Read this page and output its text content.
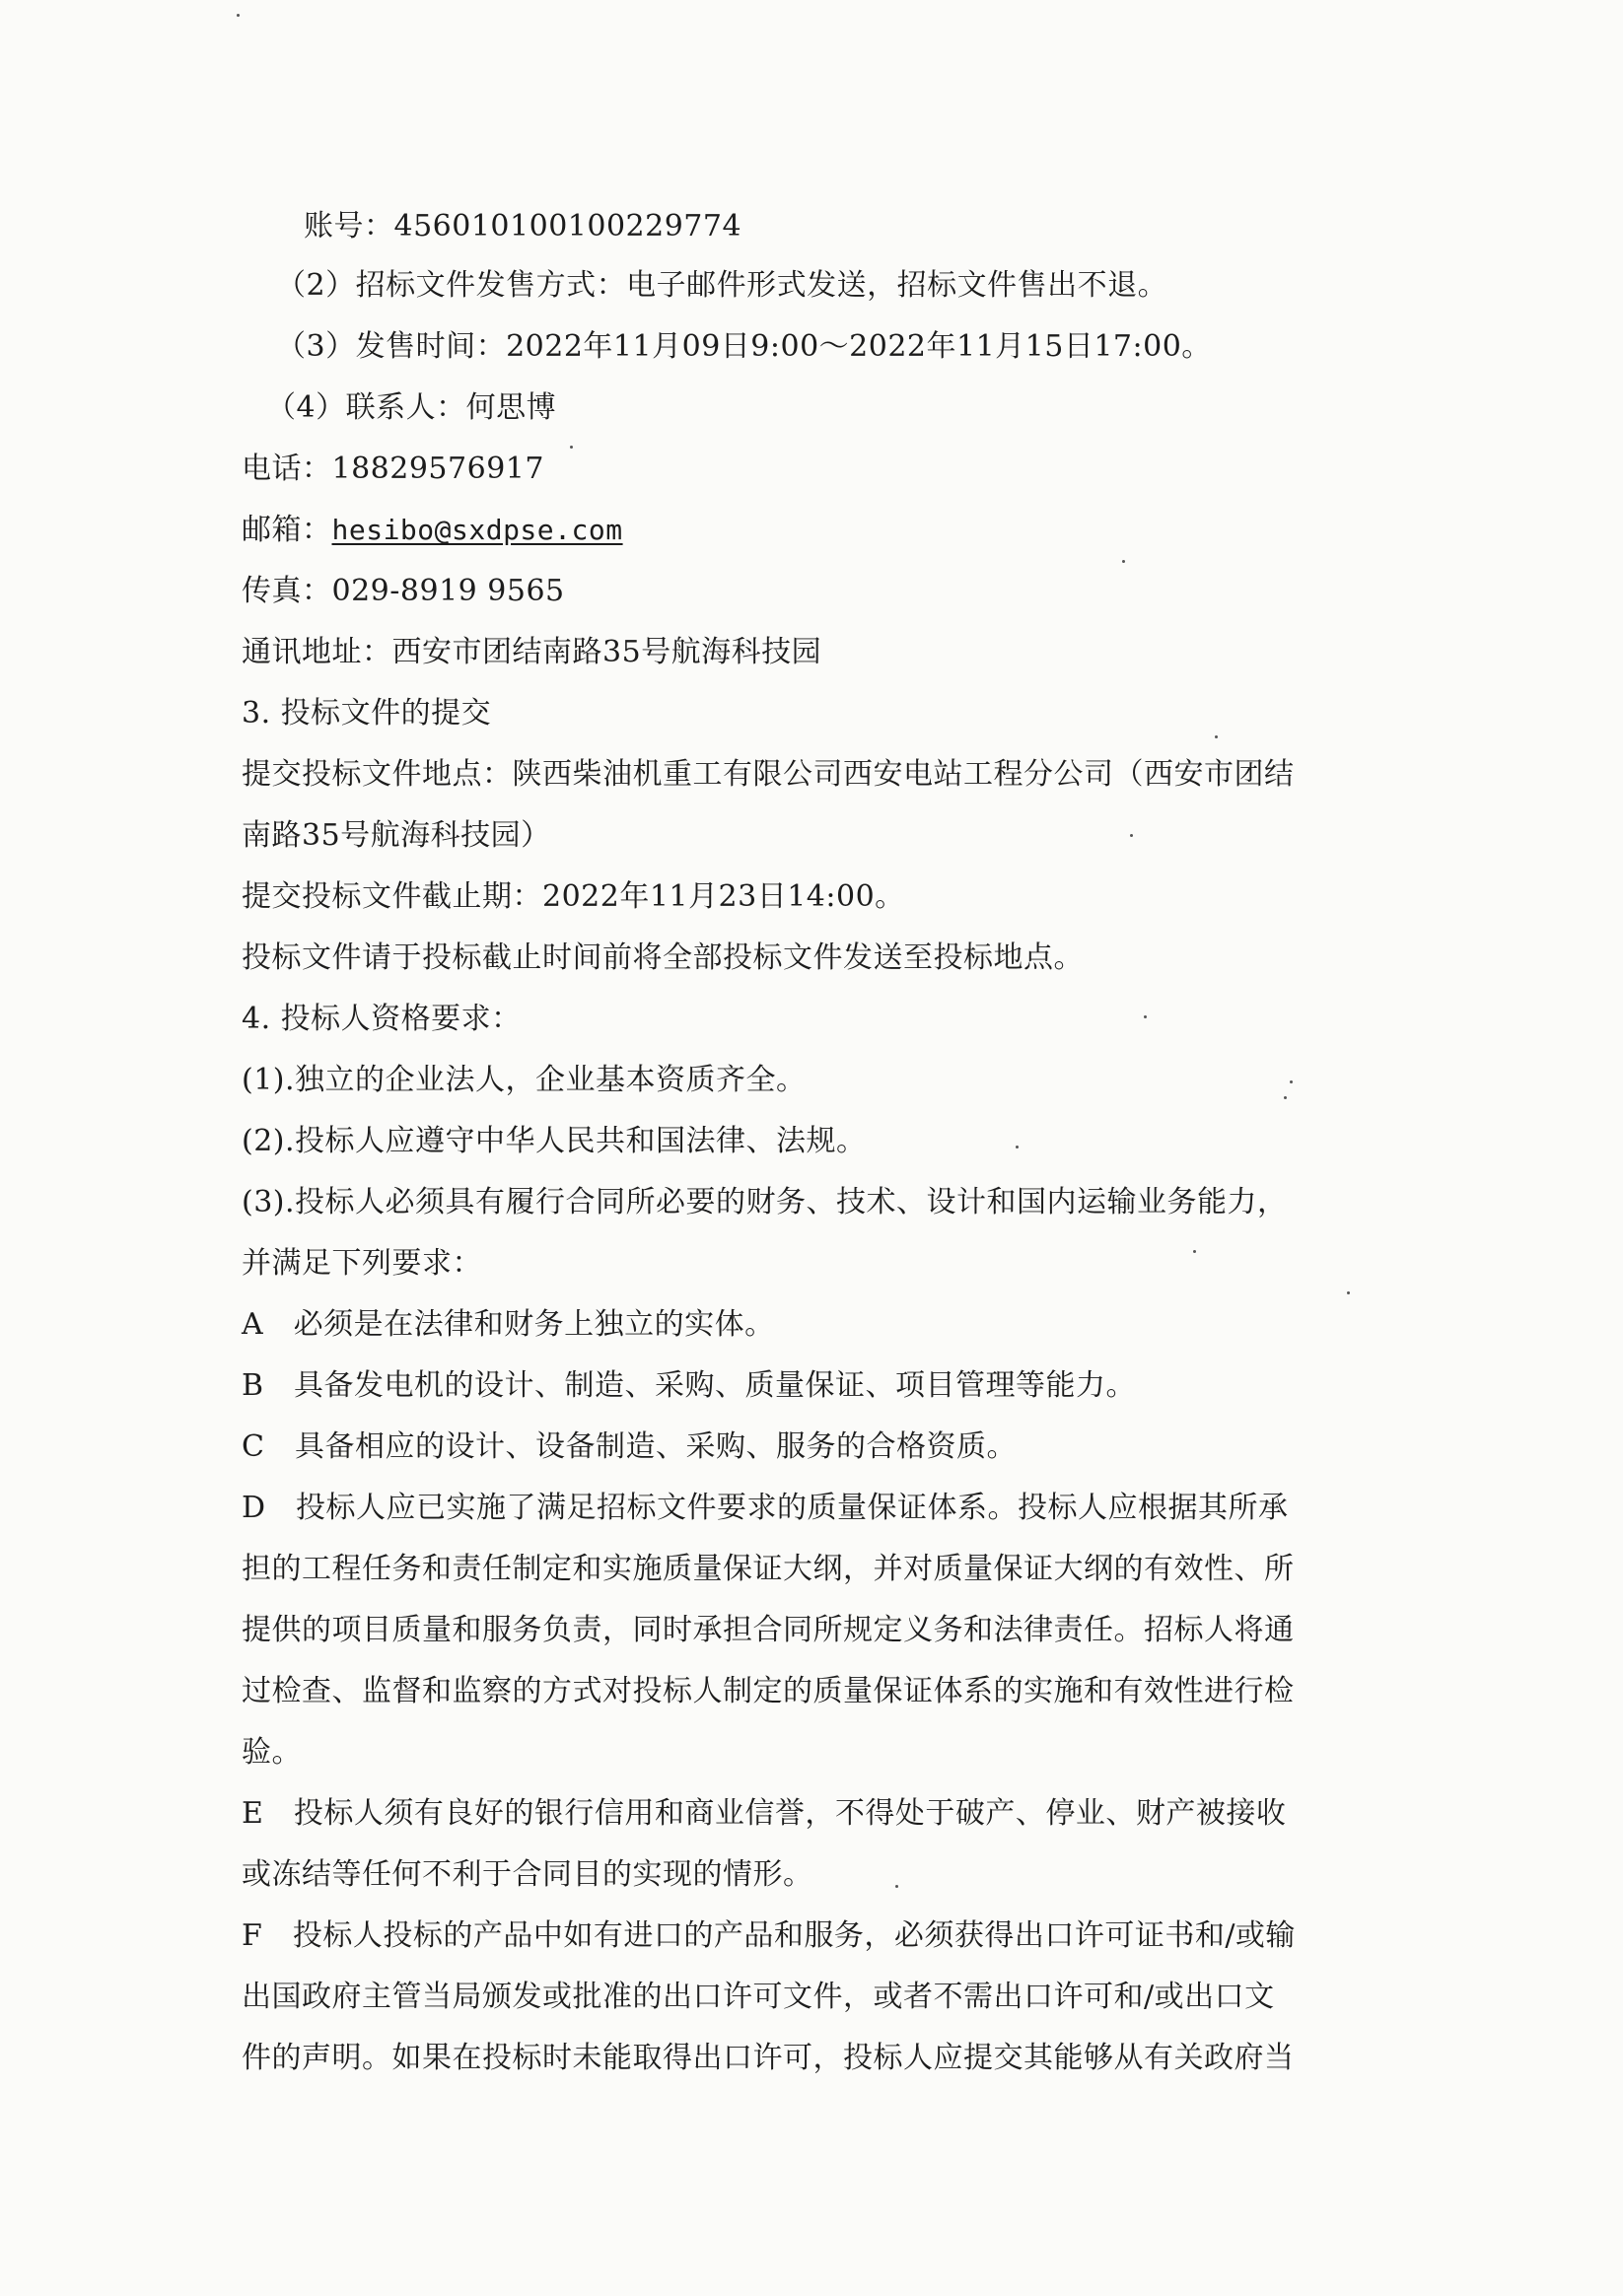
账号：456010100100229774
（2）招标文件发售方式：电子邮件形式发送，招标文件售出不退。
（3）发售时间：2022年11月09日9:00～2022年11月15日17:00。
（4）联系人：何思博
电话：18829576917
邮箱：hesibo@sxdpse.com
传真：029-8919 9565
通讯地址：西安市团结南路35号航海科技园
3. 投标文件的提交
提交投标文件地点：陕西柴油机重工有限公司西安电站工程分公司（西安市团结
南路35号航海科技园）
提交投标文件截止期：2022年11月23日14:00。
投标文件请于投标截止时间前将全部投标文件发送至投标地点。
4. 投标人资格要求：
(1).独立的企业法人，企业基本资质齐全。
(2).投标人应遵守中华人民共和国法律、法规。
(3).投标人必须具有履行合同所必要的财务、技术、设计和国内运输业务能力，
并满足下列要求：
A　必须是在法律和财务上独立的实体。
B　具备发电机的设计、制造、采购、质量保证、项目管理等能力。
C　具备相应的设计、设备制造、采购、服务的合格资质。
D　投标人应已实施了满足招标文件要求的质量保证体系。投标人应根据其所承
担的工程任务和责任制定和实施质量保证大纲，并对质量保证大纲的有效性、所
提供的项目质量和服务负责，同时承担合同所规定义务和法律责任。招标人将通
过检查、监督和监察的方式对投标人制定的质量保证体系的实施和有效性进行检
验。
E　投标人须有良好的银行信用和商业信誉，不得处于破产、停业、财产被接收
或冻结等任何不利于合同目的实现的情形。
F　投标人投标的产品中如有进口的产品和服务，必须获得出口许可证书和/或输
出国政府主管当局颁发或批准的出口许可文件，或者不需出口许可和/或出口文
件的声明。如果在投标时未能取得出口许可，投标人应提交其能够从有关政府当
